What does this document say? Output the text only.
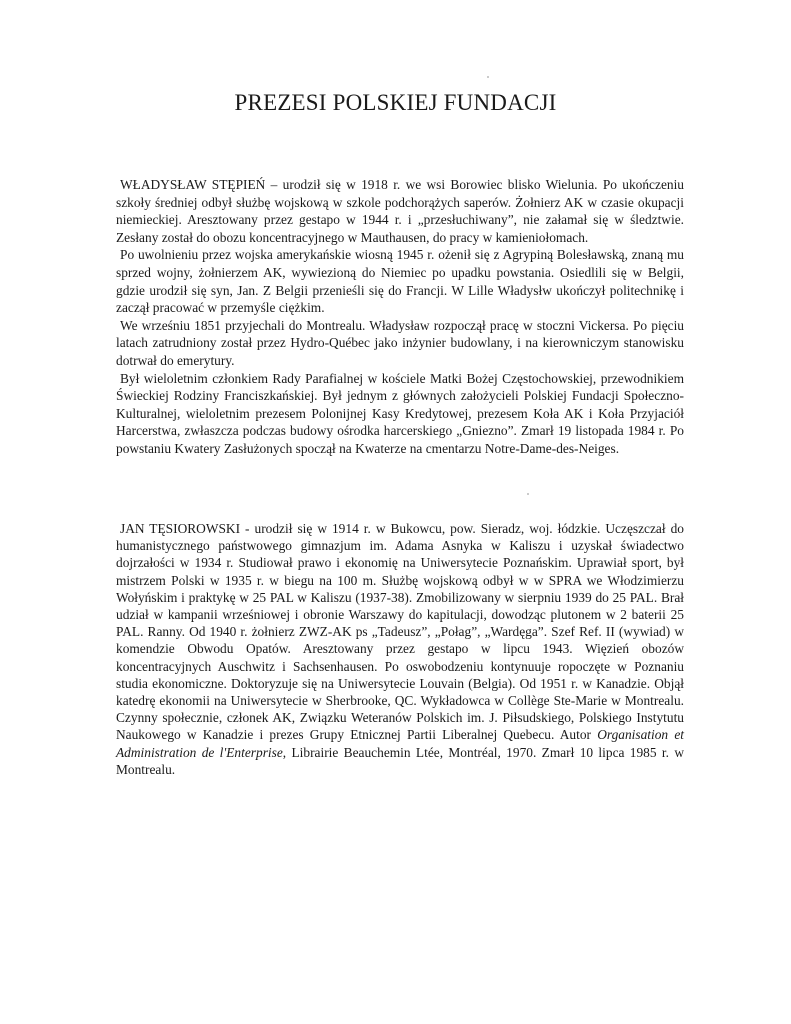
PREZESI POLSKIEJ FUNDACJI

WŁADYSŁAW STĘPIEŃ – urodził się w 1918 r. we wsi Borowiec blisko Wielunia. Po ukończeniu szkoły średniej odbył służbę wojskową w szkole podchorążych saperów. Żołnierz AK w czasie okupacji niemieckiej. Aresztowany przez gestapo w 1944 r. i „przesłuchiwany”, nie załamał się w śledztwie. Zesłany został do obozu koncentracyjnego w Mauthausen, do pracy w kamieniołomach.

Po uwolnieniu przez wojska amerykańskie wiosną 1945 r. ożenił się z Agrypiną Bolesławską, znaną mu sprzed wojny, żołnierzem AK, wywiezioną do Niemiec po upadku powstania. Osiedlili się w Belgii, gdzie urodził się syn, Jan. Z Belgii przenieśli się do Francji. W Lille Władysłw ukończył politechnikę i zaczął pracować w przemyśle ciężkim.

We wrześniu 1851 przyjechali do Montrealu. Władysław rozpoczął pracę w stoczni Vickersa. Po pięciu latach zatrudniony został przez Hydro-Québec jako inżynier budowlany, i na kierowniczym stanowisku dotrwał do emerytury.

Był wieloletnim członkiem Rady Parafialnej w kościele Matki Bożej Częstochowskiej, przewodnikiem Świeckiej Rodziny Franciszkańskiej. Był jednym z głównych założycieli Polskiej Fundacji Społeczno-Kulturalnej, wieloletnim prezesem Polonijnej Kasy Kredytowej, prezesem Koła AK i Koła Przyjaciół Harcerstwa, zwłaszcza podczas budowy ośrodka harcerskiego „Gniezno”. Zmarł 19 listopada 1984 r. Po powstaniu Kwatery Zasłużonych spoczął na Kwaterze na cmentarzu Notre-Dame-des-Neiges.

JAN TĘSIOROWSKI - urodził się w 1914 r. w Bukowcu, pow. Sieradz, woj. łódzkie. Uczęszczał do humanistycznego państwowego gimnazjum im. Adama Asnyka w Kaliszu i uzyskał świadectwo dojrzałości w 1934 r. Studiował prawo i ekonomię na Uniwersytecie Poznańskim. Uprawiał sport, był mistrzem Polski w 1935 r. w biegu na 100 m. Służbę wojskową odbył w w SPRA we Włodzimierzu Wołyńskim i praktykę w 25 PAL w Kaliszu (1937-38). Zmobilizowany w sierpniu 1939 do 25 PAL. Brał udział w kampanii wrześniowej i obronie Warszawy do kapitulacji, dowodząc plutonem w 2 baterii 25 PAL. Ranny. Od 1940 r. żołnierz ZWZ-AK ps „Tadeusz”, „Połag”, „Wardęga”. Szef Ref. II (wywiad) w komendzie Obwodu Opatów. Aresztowany przez gestapo w lipcu 1943. Więzień obozów koncentracyjnych Auschwitz i Sachsenhausen. Po oswobodzeniu kontynuuje ropoczęte w Poznaniu studia ekonomiczne. Doktoryzuje się na Uniwersytecie Louvain (Belgia). Od 1951 r. w Kanadzie. Objął katedrę ekonomii na Uniwersytecie w Sherbrooke, QC. Wykładowca w Collège Ste-Marie w Montrealu. Czynny społecznie, członek AK, Związku Weteranów Polskich im. J. Piłsudskiego, Polskiego Instytutu Naukowego w Kanadzie i prezes Grupy Etnicznej Partii Liberalnej Quebecu. Autor Organisation et Administration de l'Enterprise, Librairie Beauchemin Ltée, Montréal, 1970. Zmarł 10 lipca 1985 r. w Montrealu.
